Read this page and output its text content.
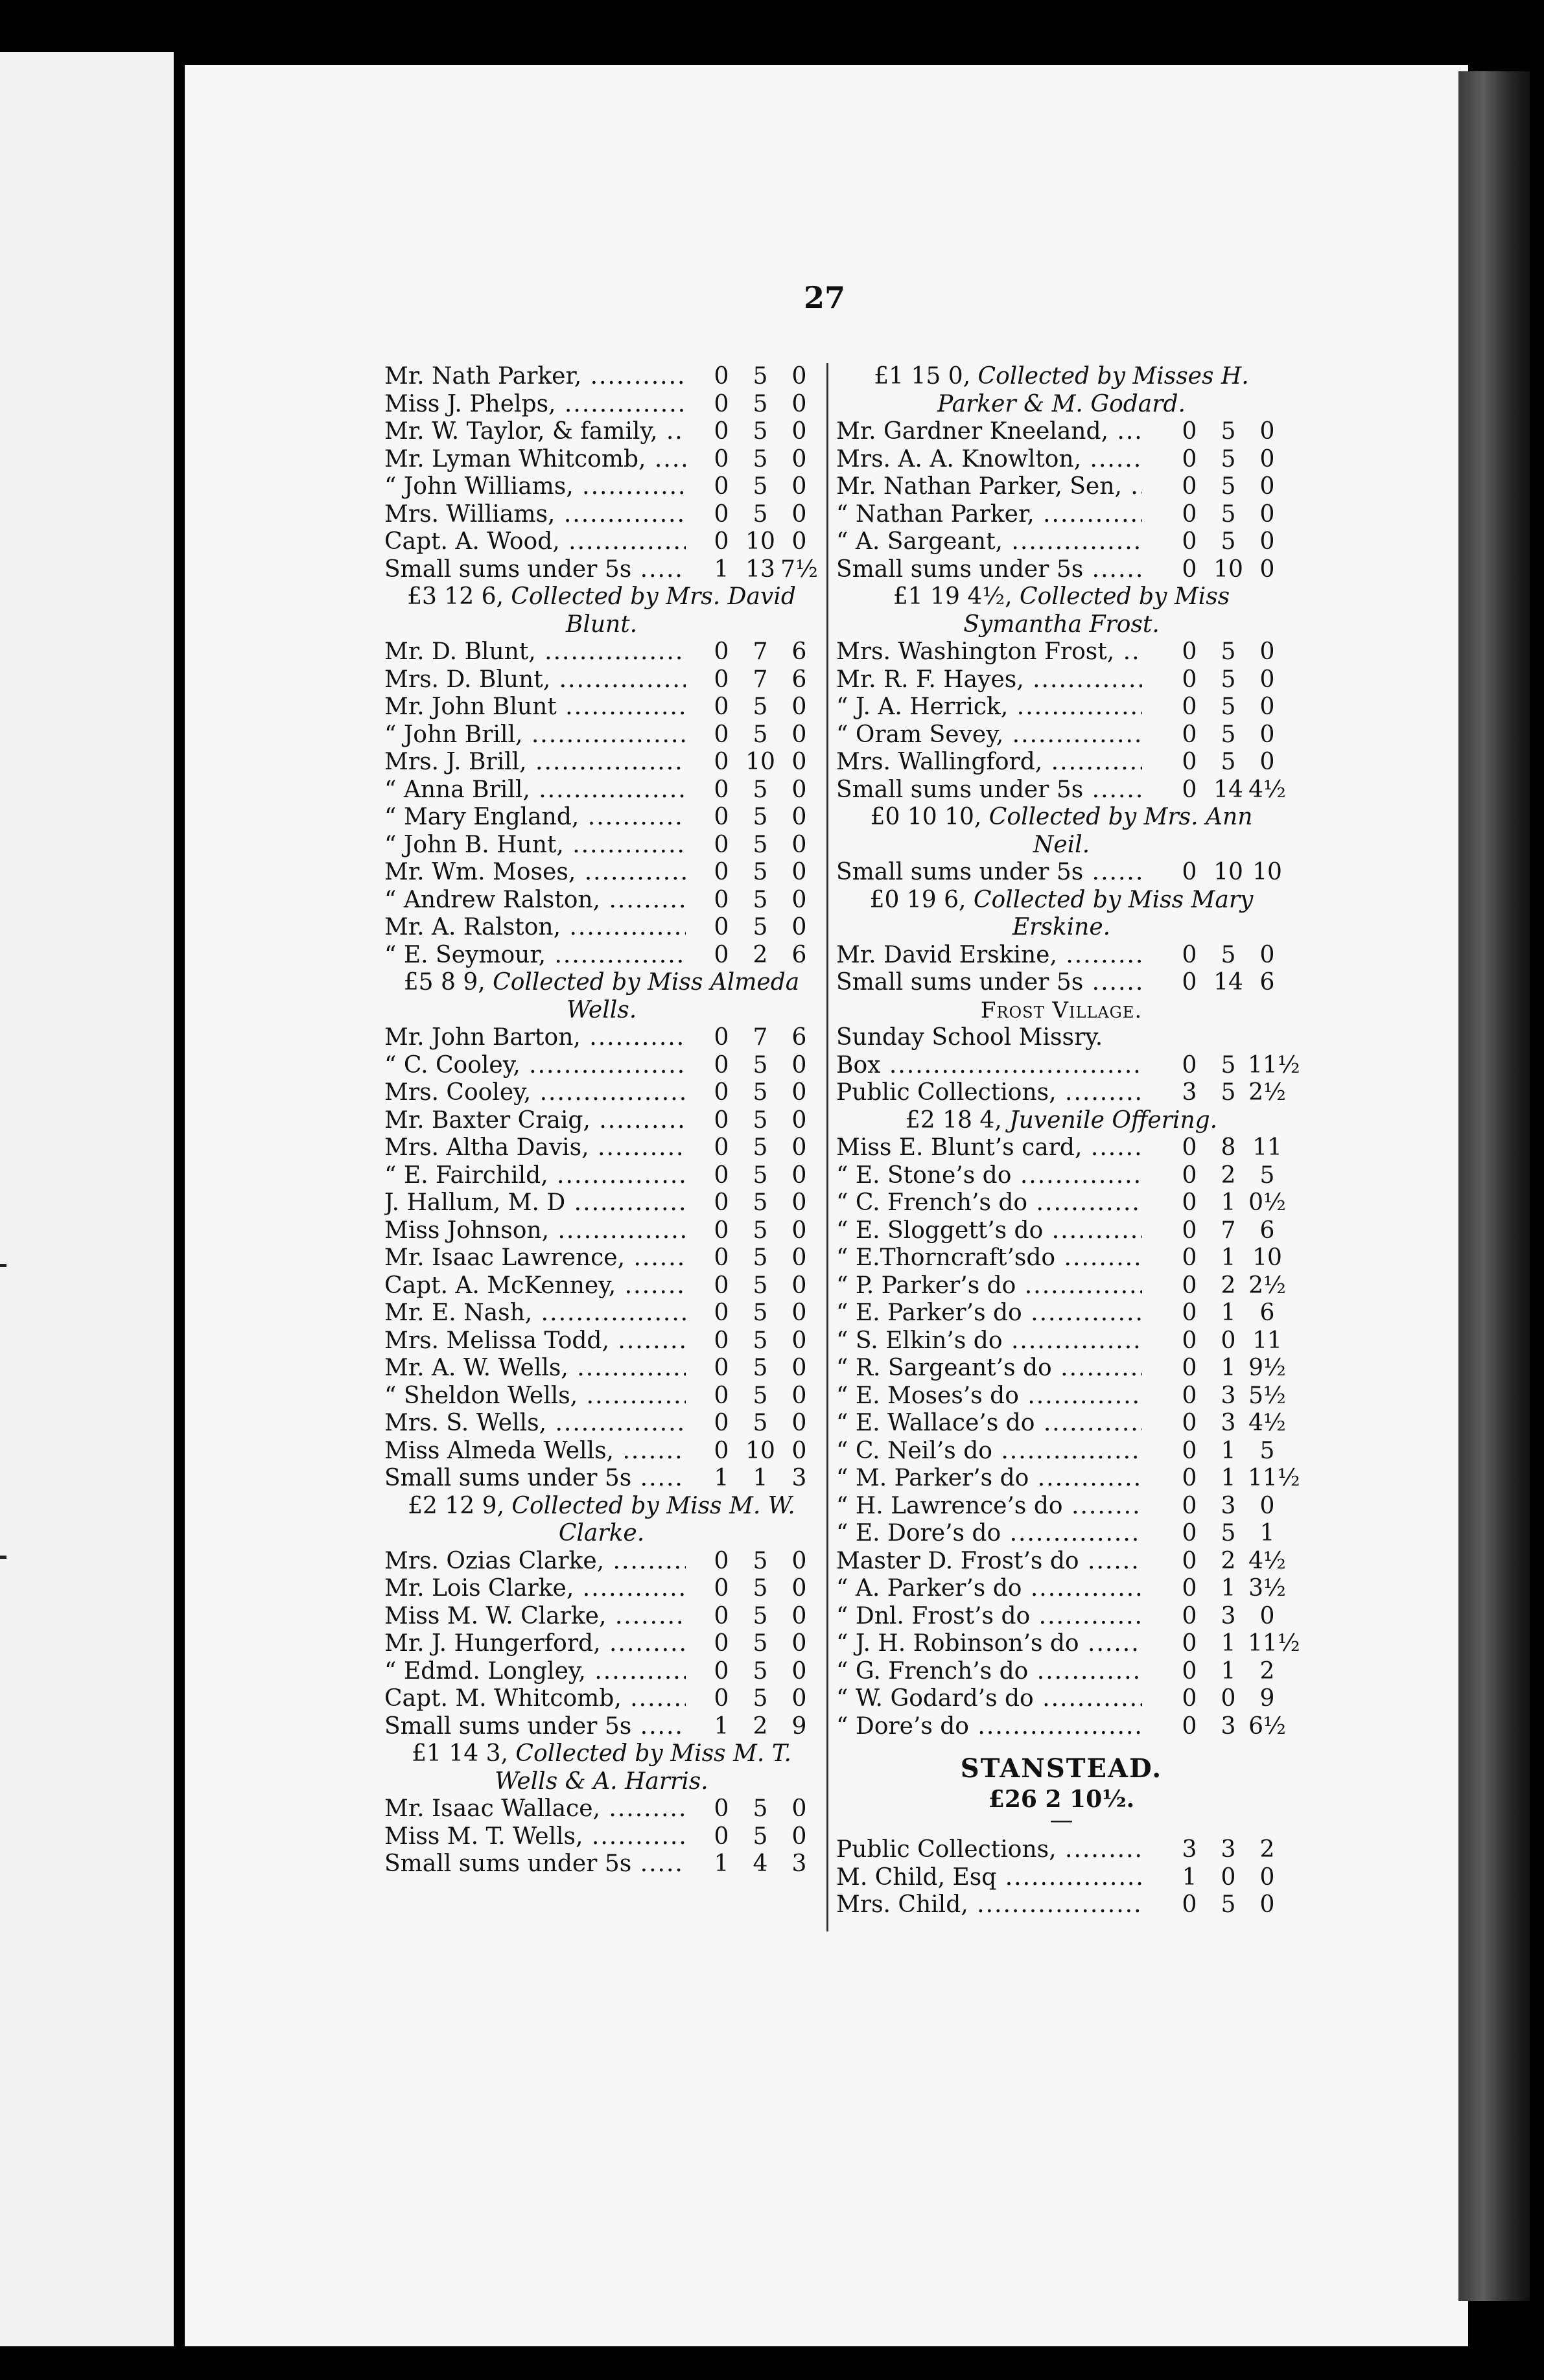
27
Mr. Nath Parker, .....	0	5	0
Miss J. Phelps, .....	0	5	0
Mr. W. Taylor, & family, .....	0	5	0
Mr. Lyman Whitcomb, .....	0	5	0
“ John Williams, .....	0	5	0
Mrs. Williams, .....	0	5	0
Capt. A. Wood, .....	0 10 0
Small sums under 5s .....	1 13 7½
£3 12 6, Collected by Mrs. David Blunt.
Mr. D. Blunt, .....	0	7	6
Mrs. D. Blunt, .....	0	7	6
Mr. John Blunt .....	0	5	0
“ John Brill, .....	0	5	0
Mrs. J. Brill, .....	0 10 0
“ Anna Brill, .....	0	5	0
“ Mary England, .....	0	5	0
“ John B. Hunt, .....	0	5	0
Mr. Wm. Moses, .....	0	5	0
“ Andrew Ralston, .....	0	5	0
Mr. A. Ralston, .....	0	5	0
“ E. Seymour, .....	0	2	6
£5 8 9, Collected by Miss Almeda Wells.
Mr. John Barton, .....	0	7	6
“ C. Cooley, .....	0	5	0
Mrs. Cooley, .....	0	5	0
Mr. Baxter Craig, .....	0	5	0
Mrs. Altha Davis, .....	0	5	0
“ E. Fairchild, .....	0	5	0
J. Hallum, M. D .....	0	5	0
Miss Johnson, .....	0	5	0
Mr. Isaac Lawrence, .....	0	5	0
Capt. A. McKenney, .....	0	5	0
Mr. E. Nash, .....	0	5	0
Mrs. Melissa Todd, .....	0	5	0
Mr. A. W. Wells, .....	0	5	0
“ Sheldon Wells, .....	0	5	0
Mrs. S. Wells, .....	0	5	0
Miss Almeda Wells, .....	0 10 0
Small sums under 5s .....	1	1	3
£2 12 9, Collected by Miss M. W. Clarke.
Mrs. Ozias Clarke, .....	0	5	0
Mr. Lois Clarke, .....	0	5	0
Miss M. W. Clarke, .....	0	5	0
Mr. J. Hungerford, .....	0	5	0
“ Edmd. Longley, .....	0	5	0
Capt. M. Whitcomb, .....	0	5	0
Small sums under 5s .....	1	2	9
£1 14 3, Collected by Miss M. T. Wells & A. Harris.
Mr. Isaac Wallace, .....	0	5	0
Miss M. T. Wells, .....	0	5	0
Small sums under 5s .....	1	4	3
£1 15 0, Collected by Misses H. Parker & M. Godard.
Mr. Gardner Kneeland, .....	0	5	0
Mrs. A. A. Knowlton, .....	0	5	0
Mr. Nathan Parker, Sen, .....	0	5	0
“ Nathan Parker, .....	0	5	0
“ A. Sargeant, .....	0	5	0
Small sums under 5s .....	0 10 0
£1 19 4½, Collected by Miss Symantha Frost.
Mrs. Washington Frost, .....	0	5	0
Mr. R. F. Hayes, .....	0	5	0
“ J. A. Herrick, .....	0	5	0
“ Oram Sevey, .....	0	5	0
Mrs. Wallingford, .....	0	5	0
Small sums under 5s .....	0 14 4½
£0 10 10, Collected by Mrs. Ann Neil.
Small sums under 5s .....	0 10 10
£0 19 6, Collected by Miss Mary Erskine.
Mr. David Erskine, .....	0	5	0
Small sums under 5s .....	0 14 6
Frost Village.
Sunday School Missry.
Box .....	0	5 11½
Public Collections, .....	3	5 2½
£2 18 4, Juvenile Offering.
Miss E. Blunt’s card, .....	0	8 11
“ E. Stone’s do .....	0	2	5
“ C. French’s do .....	0	1 0½
“ E. Sloggett’s do .....	0	7	6
“ E.Thorncraft’sdo .....	0	1 10
“ P. Parker’s do .....	0	2 2½
“ E. Parker’s do .....	0	1	6
“ S. Elkin’s do .....	0	0 11
“ R. Sargeant’s do .....	0	1 9½
“ E. Moses’s do .....	0	3 5½
“ E. Wallace’s do .....	0	3 4½
“ C. Neil’s do .....	0	1	5
“ M. Parker’s do .....	0	1 11½
“ H. Lawrence’s do .....	0	3	0
“ E. Dore’s do .....	0	5	1
Master D. Frost’s do .....	0	2 4½
“ A. Parker’s do .....	0	1 3½
“ Dnl. Frost’s do .....	0	3	0
“ J. H. Robinson’s do .....	0	1 11½
“ G. French’s do .....	0	1	2
“ W. Godard’s do .....	0	0	9
“ Dore’s do .....	0	3 6½
STANSTEAD.
£26 2 10½.
—
Public Collections, .....	3	3	2
M. Child, Esq .....	1	0	0
Mrs. Child, .....	0	5	0
